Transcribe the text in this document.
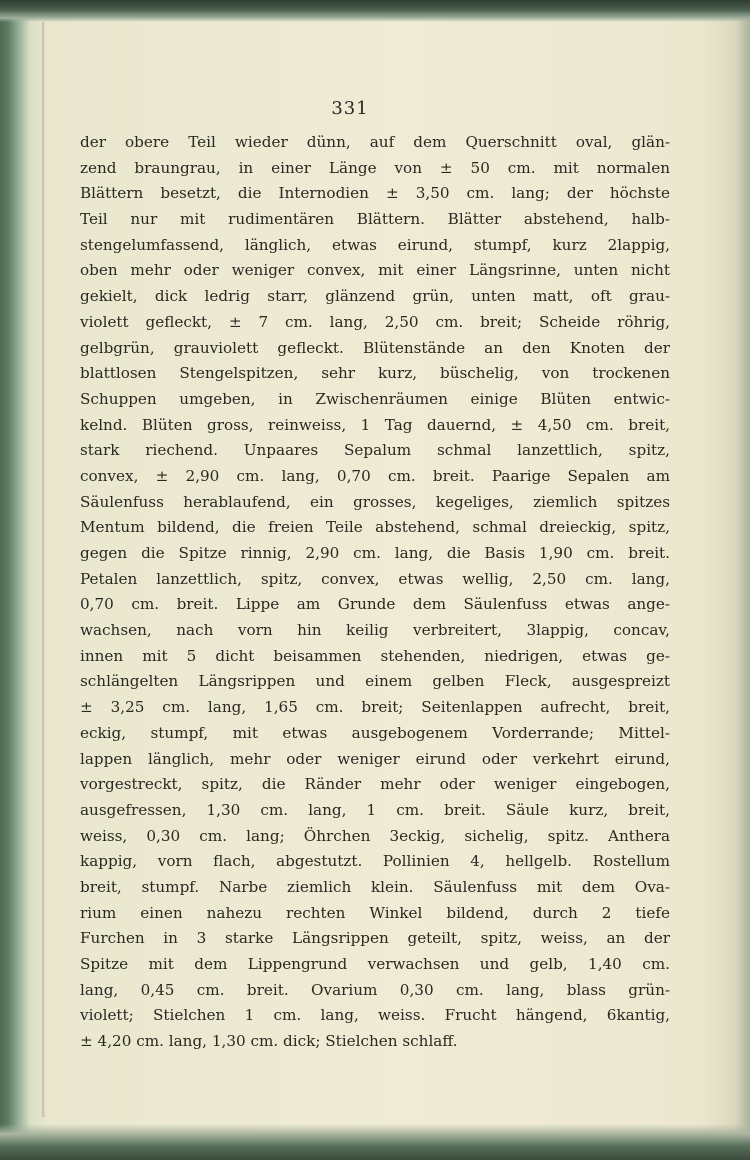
331
der obere Teil wieder dünn, auf dem Querschnitt oval, glän-
zend braungrau, in einer Länge von ± 50 cm. mit normalen
Blättern besetzt, die Internodien ± 3,50 cm. lang; der höchste
Teil nur mit rudimentären Blättern. Blätter abstehend, halb-
stengelumfassend, länglich, etwas eirund, stumpf, kurz 2lappig,
oben mehr oder weniger convex, mit einer Längsrinne, unten nicht
gekielt, dick ledrig starr, glänzend grün, unten matt, oft grau-
violett gefleckt, ± 7 cm. lang, 2,50 cm. breit; Scheide röhrig,
gelbgrün, grauviolett gefleckt. Blütenstände an den Knoten der
blattlosen Stengelspitzen, sehr kurz, büschelig, von trockenen
Schuppen umgeben, in Zwischenräumen einige Blüten entwic-
kelnd. Blüten gross, reinweiss, 1 Tag dauernd, ± 4,50 cm. breit,
stark riechend. Unpaares Sepalum schmal lanzettlich, spitz,
convex, ± 2,90 cm. lang, 0,70 cm. breit. Paarige Sepalen am
Säulenfuss herablaufend, ein grosses, kegeliges, ziemlich spitzes
Mentum bildend, die freien Teile abstehend, schmal dreieckig, spitz,
gegen die Spitze rinnig, 2,90 cm. lang, die Basis 1,90 cm. breit.
Petalen lanzettlich, spitz, convex, etwas wellig, 2,50 cm. lang,
0,70 cm. breit. Lippe am Grunde dem Säulenfuss etwas ange-
wachsen, nach vorn hin keilig verbreitert, 3lappig, concav,
innen mit 5 dicht beisammen stehenden, niedrigen, etwas ge-
schlängelten Längsrippen und einem gelben Fleck, ausgespreizt
± 3,25 cm. lang, 1,65 cm. breit; Seitenlappen aufrecht, breit,
eckig, stumpf, mit etwas ausgebogenem Vorderrande; Mittel-
lappen länglich, mehr oder weniger eirund oder verkehrt eirund,
vorgestreckt, spitz, die Ränder mehr oder weniger eingebogen,
ausgefressen, 1,30 cm. lang, 1 cm. breit. Säule kurz, breit,
weiss, 0,30 cm. lang; Öhrchen 3eckig, sichelig, spitz. Anthera
kappig, vorn flach, abgestutzt. Pollinien 4, hellgelb. Rostellum
breit, stumpf. Narbe ziemlich klein. Säulenfuss mit dem Ova-
rium einen nahezu rechten Winkel bildend, durch 2 tiefe
Furchen in 3 starke Längsrippen geteilt, spitz, weiss, an der
Spitze mit dem Lippengrund verwachsen und gelb, 1,40 cm.
lang, 0,45 cm. breit. Ovarium 0,30 cm. lang, blass grün-
violett; Stielchen 1 cm. lang, weiss. Frucht hängend, 6kantig,
± 4,20 cm. lang, 1,30 cm. dick; Stielchen schlaff.
